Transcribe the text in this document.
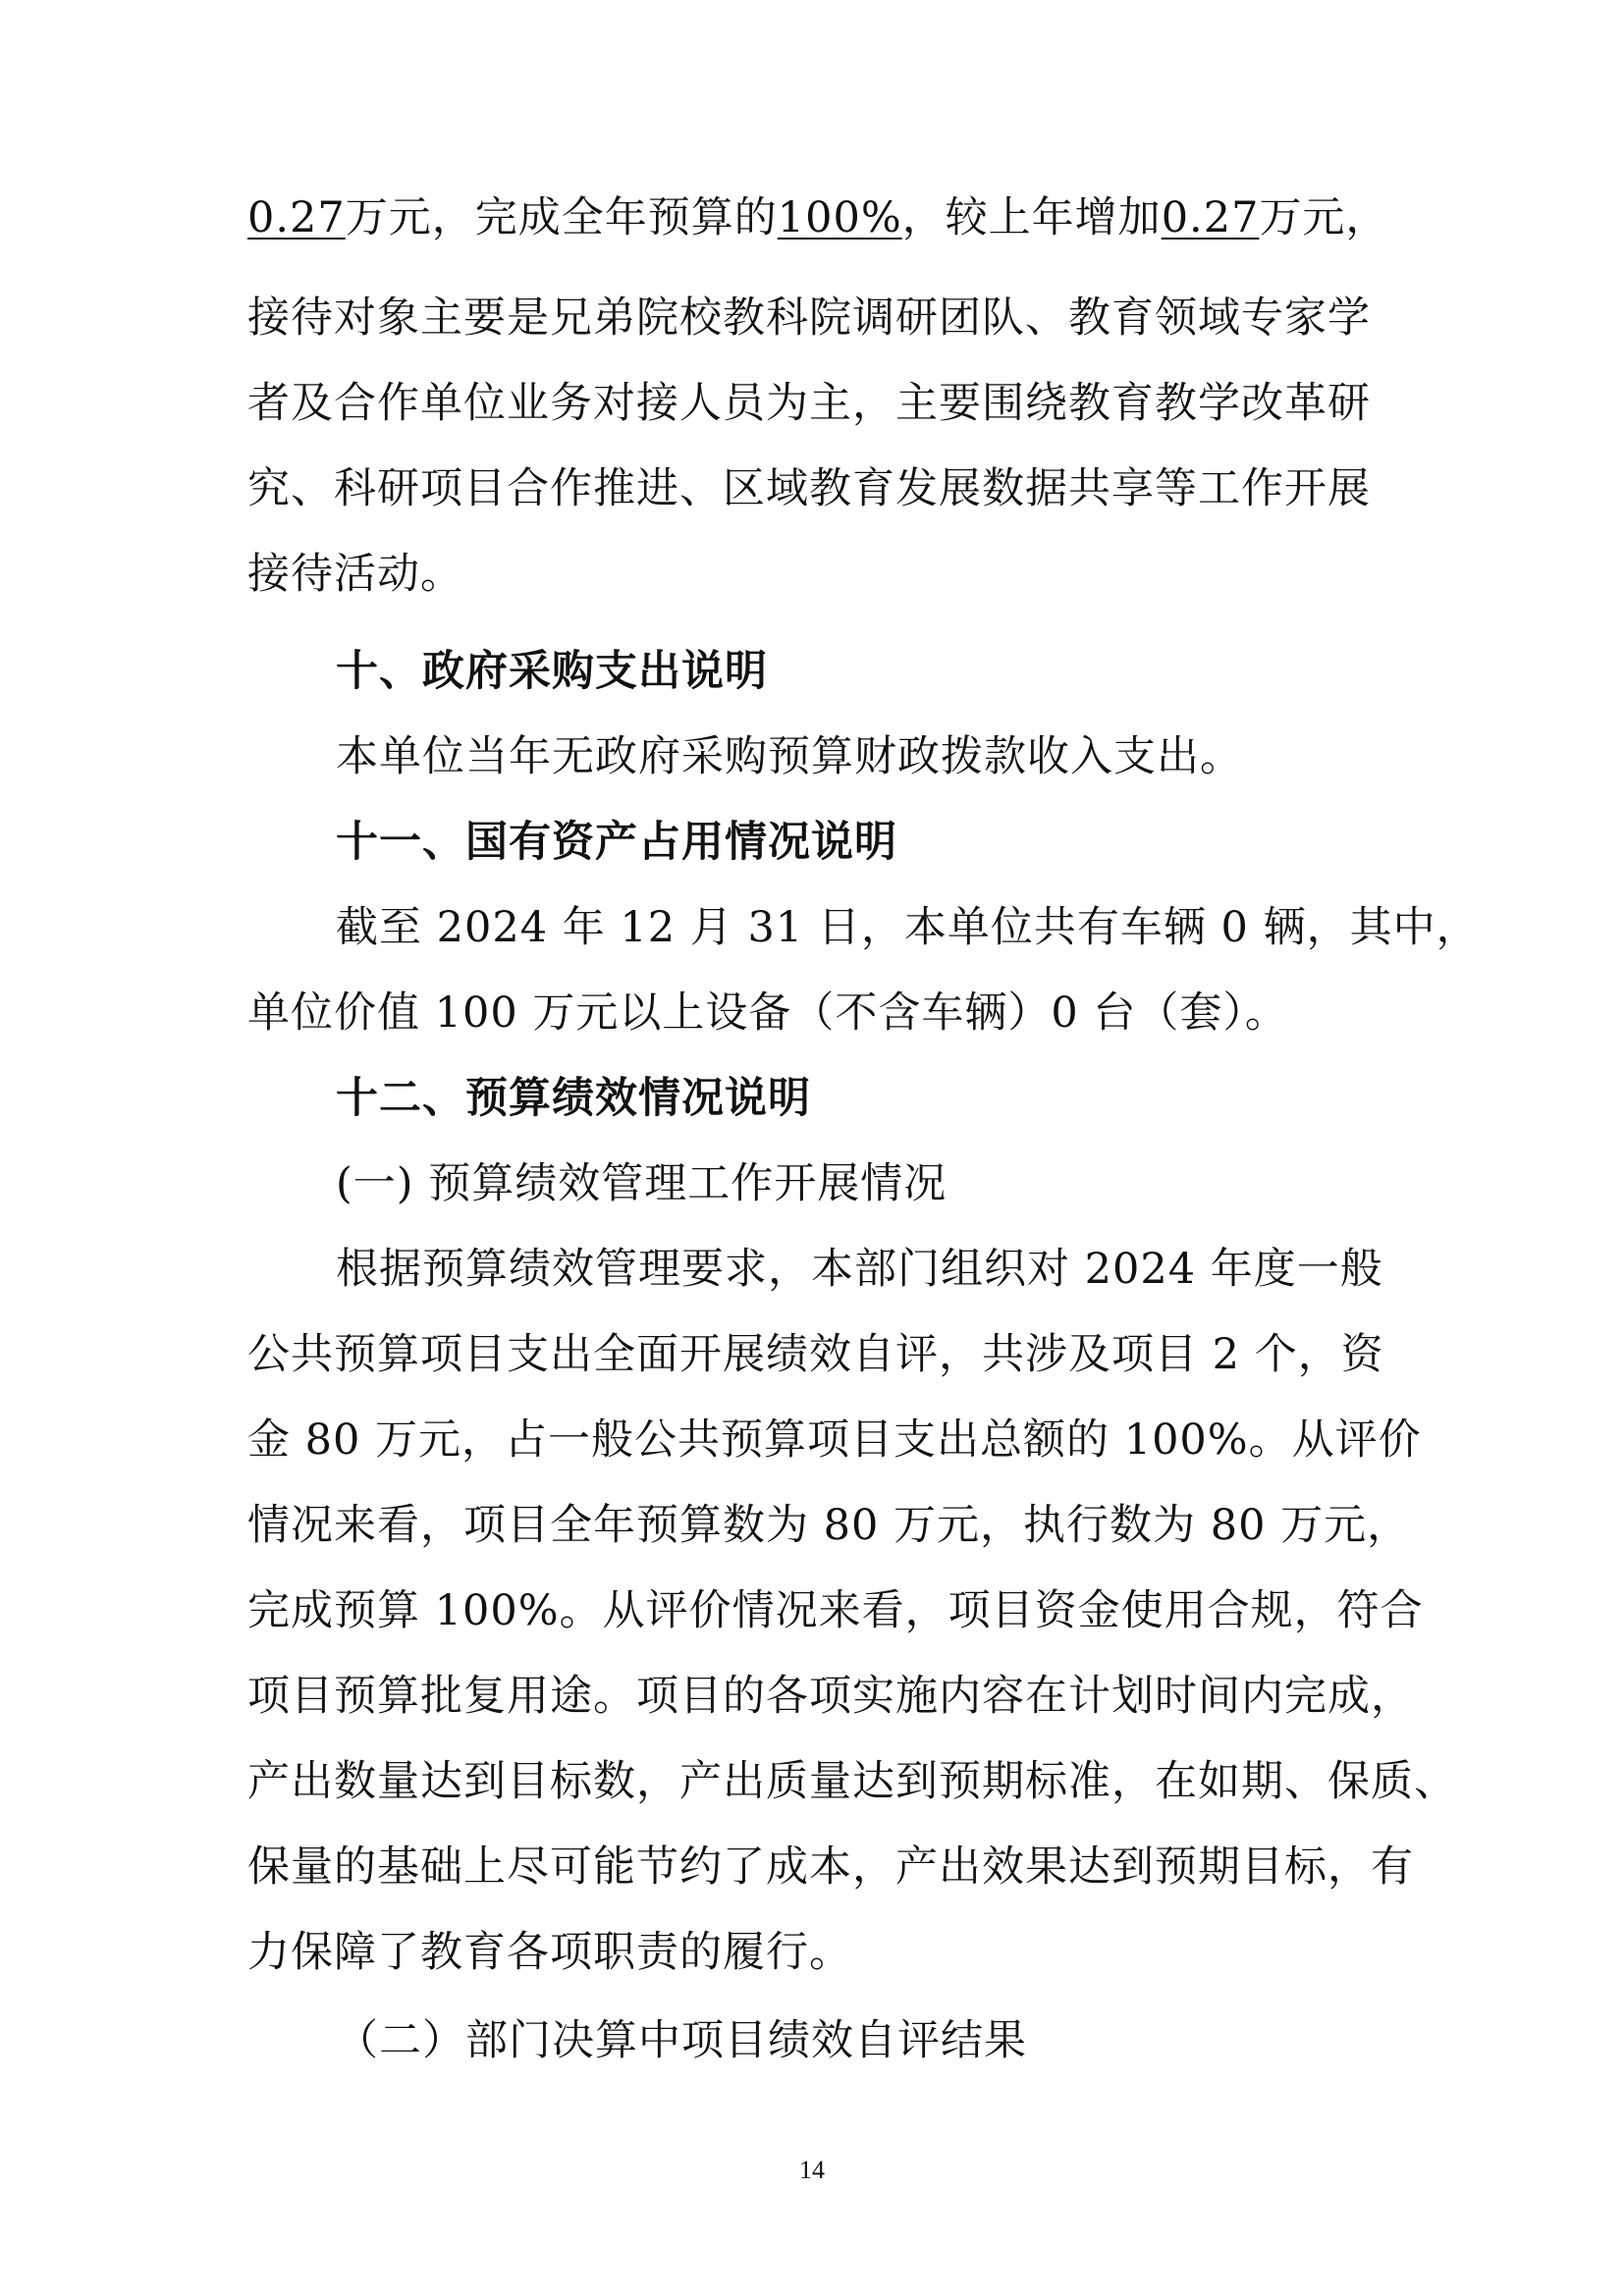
0.27万元，完成全年预算的100%，较上年增加0.27万元，
接待对象主要是兄弟院校教科院调研团队、教育领域专家学
者及合作单位业务对接人员为主，主要围绕教育教学改革研
究、科研项目合作推进、区域教育发展数据共享等工作开展
接待活动。
十、政府采购支出说明
本单位当年无政府采购预算财政拨款收入支出。
十一、国有资产占用情况说明
截至 2024 年 12 月 31 日，本单位共有车辆 0 辆，其中，
单位价值 100 万元以上设备（不含车辆）0 台（套）。
十二、预算绩效情况说明
(一) 预算绩效管理工作开展情况
根据预算绩效管理要求，本部门组织对 2024 年度一般
公共预算项目支出全面开展绩效自评，共涉及项目 2 个，资
金 80 万元，占一般公共预算项目支出总额的 100%。从评价
情况来看，项目全年预算数为 80 万元，执行数为 80 万元，
完成预算 100%。从评价情况来看，项目资金使用合规，符合
项目预算批复用途。项目的各项实施内容在计划时间内完成，
产出数量达到目标数，产出质量达到预期标准，在如期、保质、
保量的基础上尽可能节约了成本，产出效果达到预期目标，有
力保障了教育各项职责的履行。
（二）部门决算中项目绩效自评结果
14
